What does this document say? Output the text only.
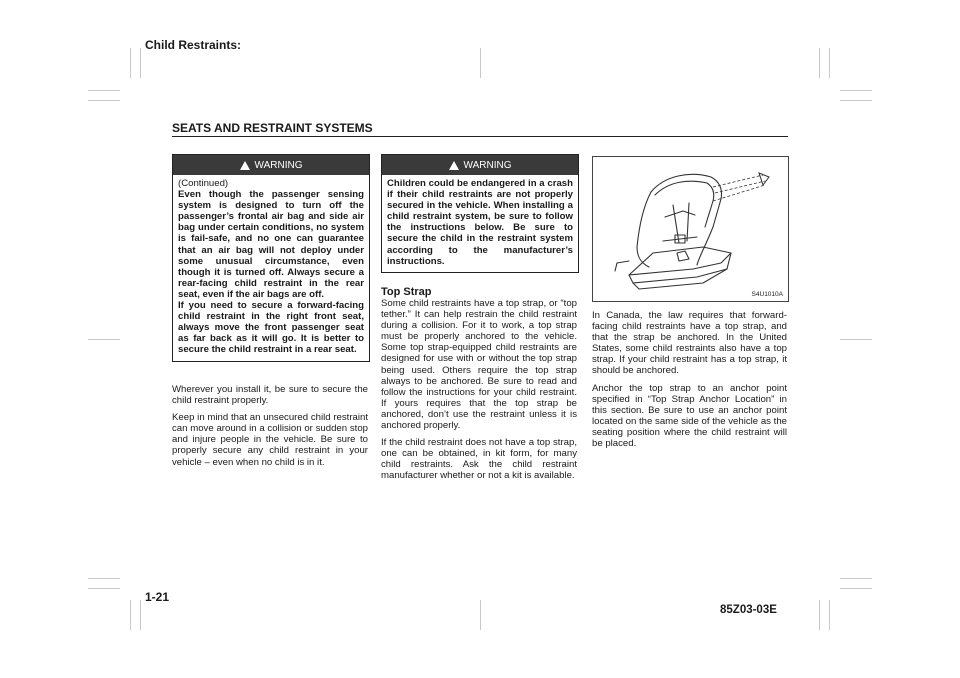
Child Restraints:
SEATS AND RESTRAINT SYSTEMS
WARNING

(Continued)

Even though the passenger sensing system is designed to turn off the passenger’s frontal air bag and side air bag under certain conditions, no system is fail-safe, and no one can guarantee that an air bag will not deploy under some unusual circumstance, even though it is turned off. Always secure a rear-facing child restraint in the rear seat, even if the air bags are off.

If you need to secure a forward-facing child restraint in the right front seat, always move the front passenger seat as far back as it will go. It is better to secure the child restraint in a rear seat.

Wherever you install it, be sure to secure the child restraint properly.

Keep in mind that an unsecured child restraint can move around in a collision or sudden stop and injure people in the vehicle. Be sure to properly secure any child restraint in your vehicle – even when no child is in it.

WARNING

Children could be endangered in a crash if their child restraints are not properly secured in the vehicle. When installing a child restraint system, be sure to follow the instructions below. Be sure to secure the child in the restraint system according to the manufacturer’s instructions.

Top Strap

Some child restraints have a top strap, or “top tether.” It can help restrain the child restraint during a collision. For it to work, a top strap must be properly anchored to the vehicle. Some top strap-equipped child restraints are designed for use with or without the top strap being used. Others require the top strap always to be anchored. Be sure to read and follow the instructions for your child restraint. If yours requires that the top strap be anchored, don’t use the restraint unless it is anchored properly.

If the child restraint does not have a top strap, one can be obtained, in kit form, for many child restraints. Ask the child restraint manufacturer whether or not a kit is available.

S4U1010A

In Canada, the law requires that forward-facing child restraints have a top strap, and that the strap be anchored. In the United States, some child restraints also have a top strap. If your child restraint has a top strap, it should be anchored.

Anchor the top strap to an anchor point specified in “Top Strap Anchor Location” in this section. Be sure to use an anchor point located on the same side of the vehicle as the seating position where the child restraint will be placed.

1-21
85Z03-03E
